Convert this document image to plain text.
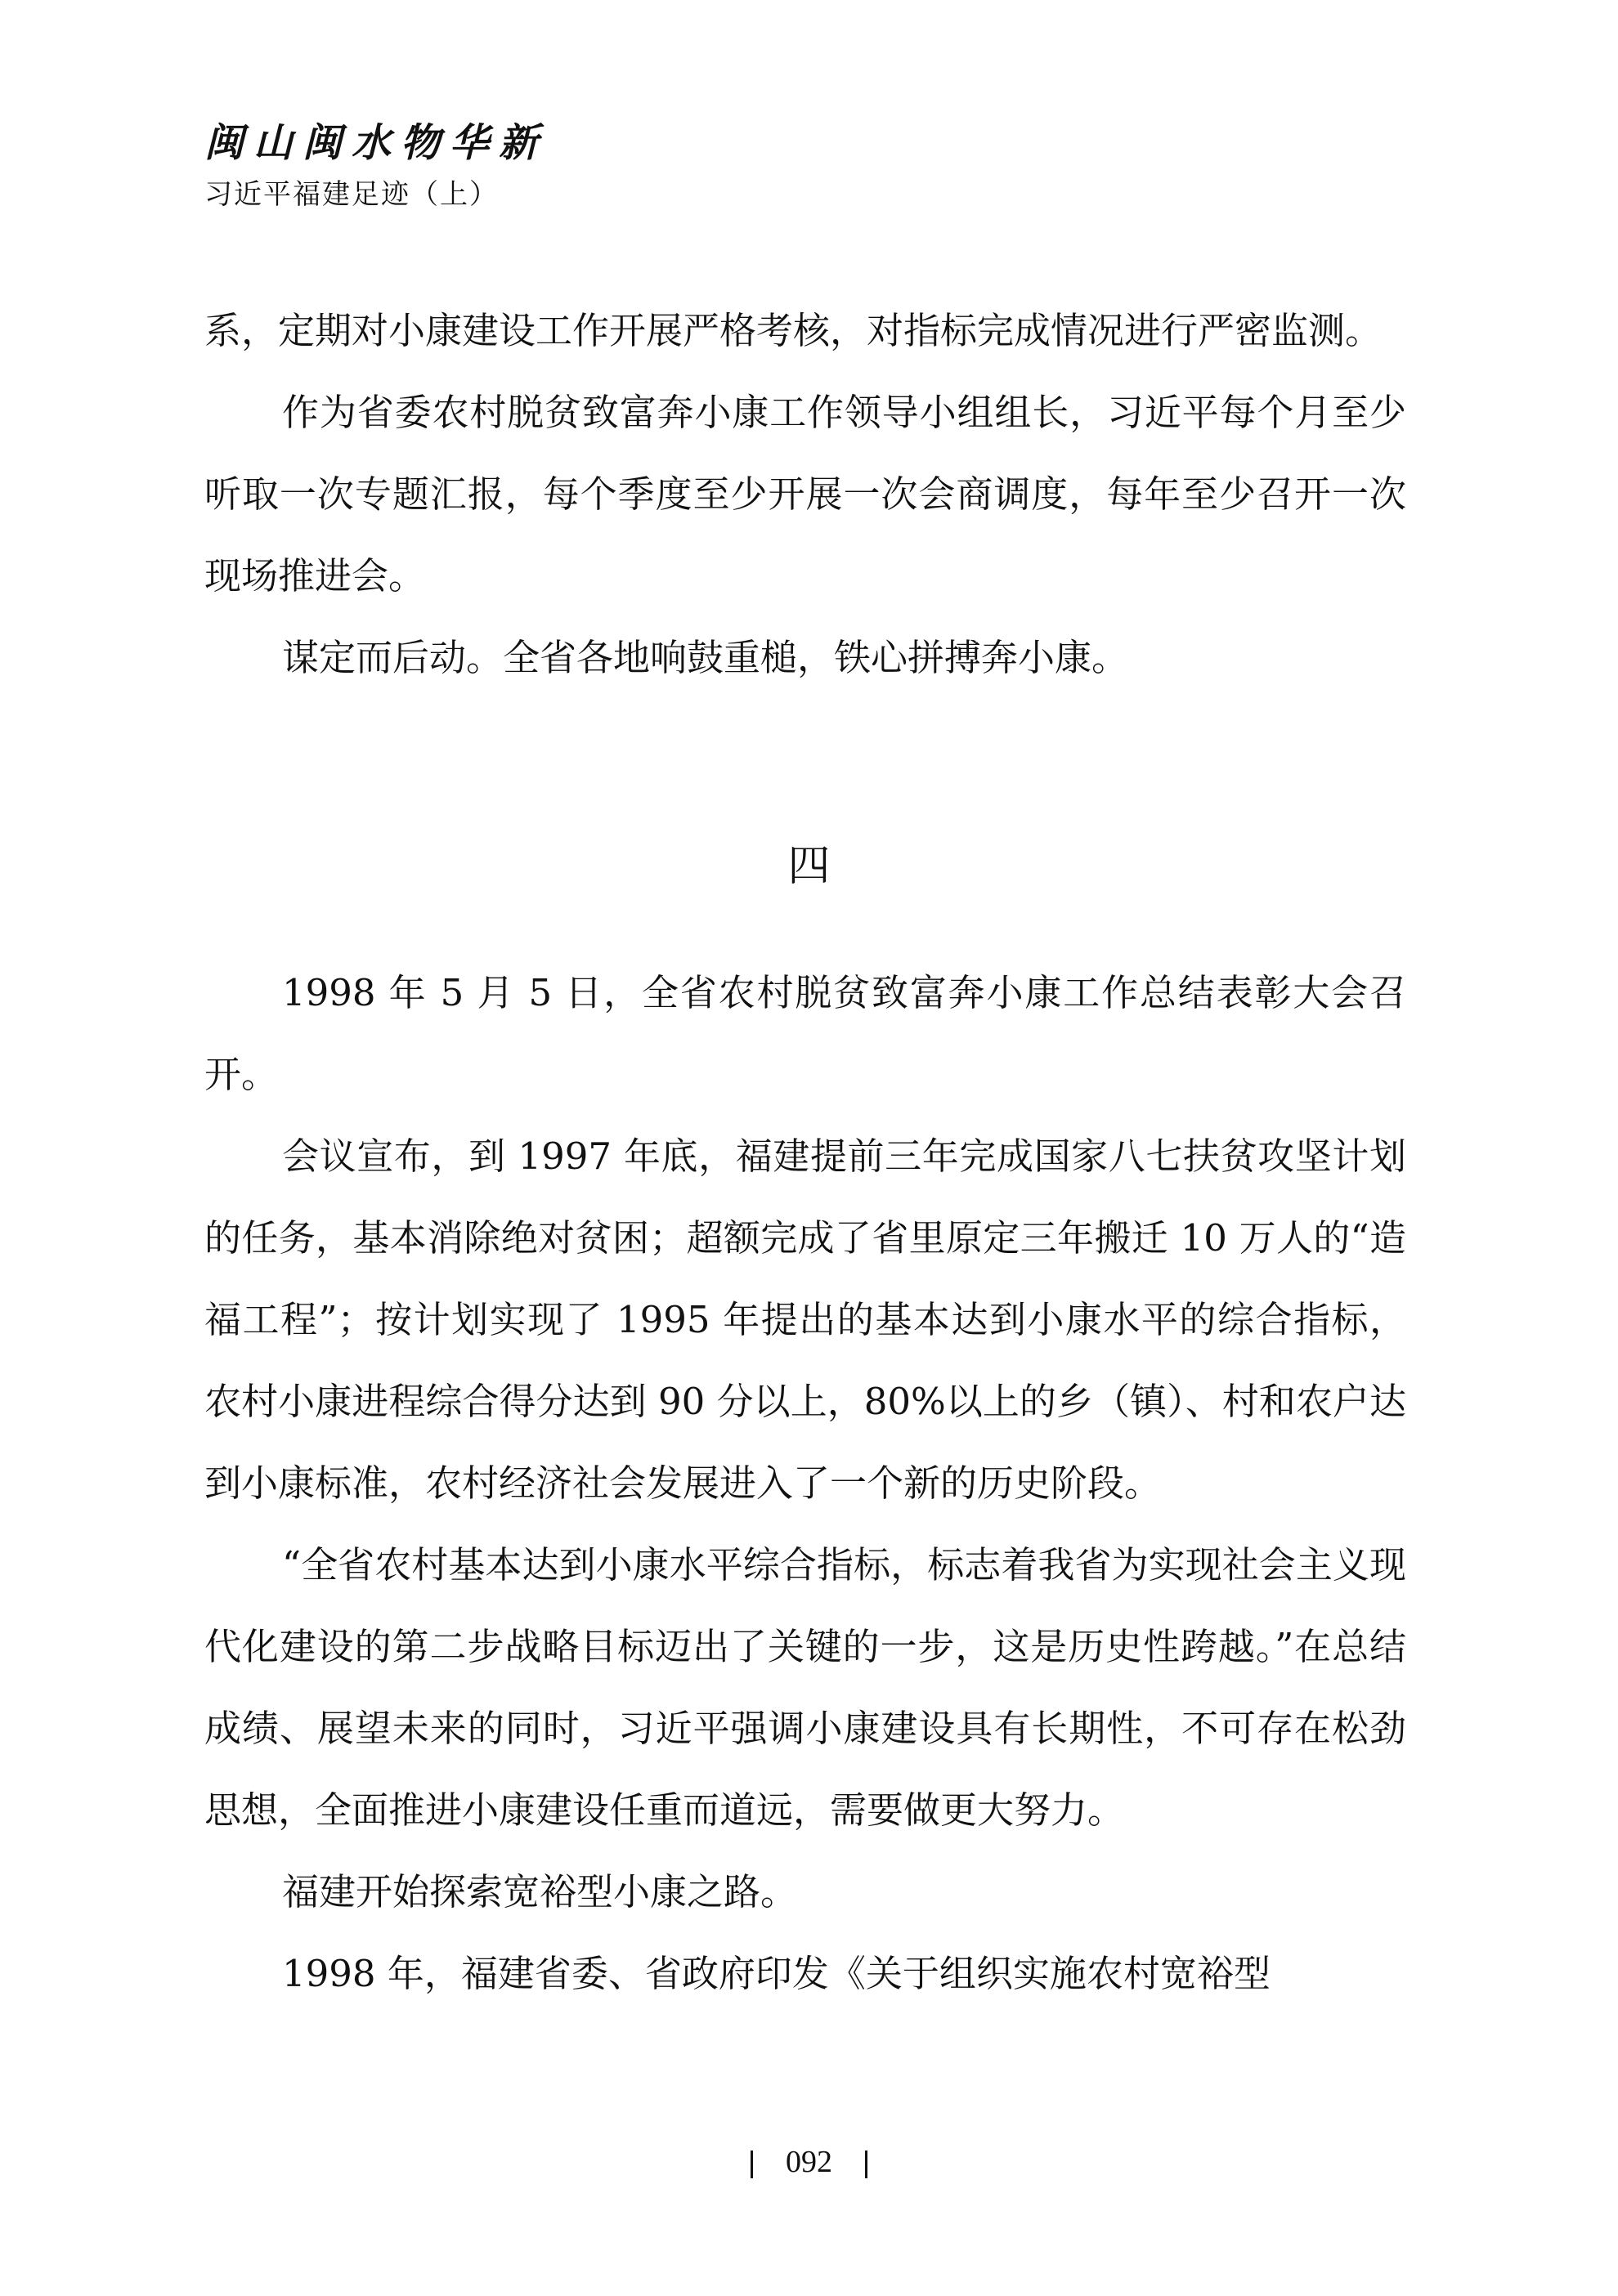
闽山闽水物华新
习近平福建足迹（上）

系，定期对小康建设工作开展严格考核，对指标完成情况进行严密监测。

作为省委农村脱贫致富奔小康工作领导小组组长，习近平每个月至少听取一次专题汇报，每个季度至少开展一次会商调度，每年至少召开一次现场推进会。

谋定而后动。全省各地响鼓重槌，铁心拼搏奔小康。

四

1998 年 5 月 5 日，全省农村脱贫致富奔小康工作总结表彰大会召开。

会议宣布，到 1997 年底，福建提前三年完成国家八七扶贫攻坚计划的任务，基本消除绝对贫困；超额完成了省里原定三年搬迁 10 万人的“造福工程”；按计划实现了 1995 年提出的基本达到小康水平的综合指标，农村小康进程综合得分达到 90 分以上，80%以上的乡（镇）、村和农户达到小康标准，农村经济社会发展进入了一个新的历史阶段。

“全省农村基本达到小康水平综合指标，标志着我省为实现社会主义现代化建设的第二步战略目标迈出了关键的一步，这是历史性跨越。”在总结成绩、展望未来的同时，习近平强调小康建设具有长期性，不可存在松劲思想，全面推进小康建设任重而道远，需要做更大努力。

福建开始探索宽裕型小康之路。

1998 年，福建省委、省政府印发《关于组织实施农村宽裕型

092
